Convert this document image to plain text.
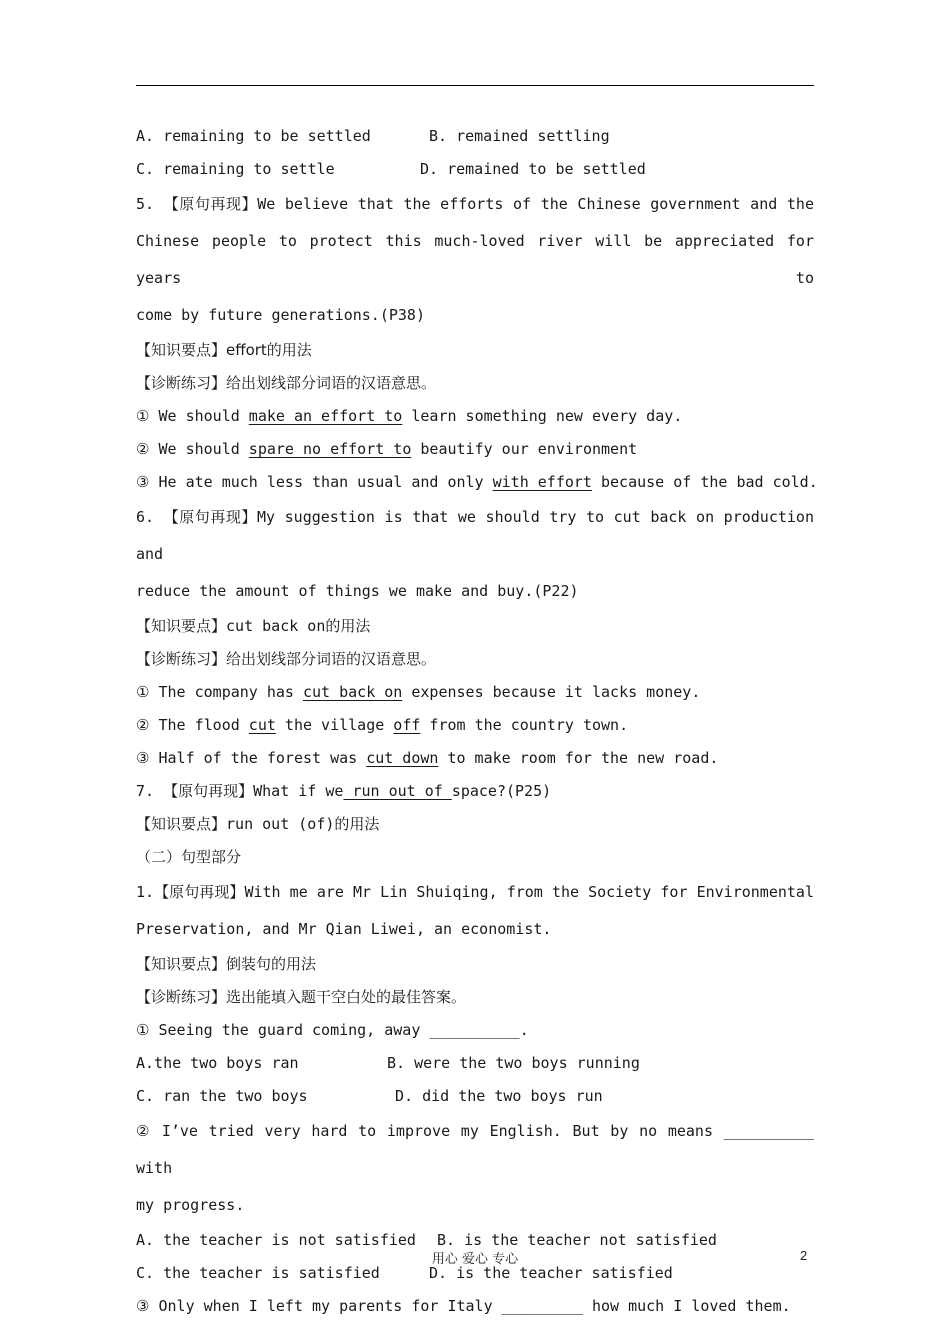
A. remaining to be settled	B. remained settling
C. remaining to settle	D. remained to be settled
5. 【原句再现】We believe that the efforts of the Chinese government and the
Chinese people to protect this much-loved river will be appreciated for years to
come by future generations.(P38)
【知识要点】effort的用法
【诊断练习】给出划线部分词语的汉语意思。
① We should make an effort to learn something new every day.
② We should spare no effort to beautify our environment
③ He ate much less than usual and only with effort because of the bad cold.
6. 【原句再现】My suggestion is that we should try to cut back on production and
reduce the amount of things we make and buy.(P22)
【知识要点】cut back on的用法
【诊断练习】给出划线部分词语的汉语意思。
① The company has cut back on expenses because it lacks money.
② The flood cut the village off from the country town.
③ Half of the forest was cut down to make room for the new road.
7. 【原句再现】What if we run out of space?(P25)
【知识要点】run out (of)的用法
（二）句型部分
1.【原句再现】With me are Mr Lin Shuiqing, from the Society for Environmental
Preservation, and Mr Qian Liwei, an economist.
【知识要点】倒装句的用法
【诊断练习】选出能填入题干空白处的最佳答案。
① Seeing the guard coming, away __________.
A.the two boys ran	B. were the two boys running
C. ran the two boys	D. did the two boys run
② I’ve tried very hard to improve my English. But by no means __________ with
my progress.
A. the teacher is not satisfied B. is the teacher not satisfied
C. the teacher is satisfied	D. is the teacher satisfied
③ Only when I left my parents for Italy _________ how much I loved them.
用心 爱心 专心	2
